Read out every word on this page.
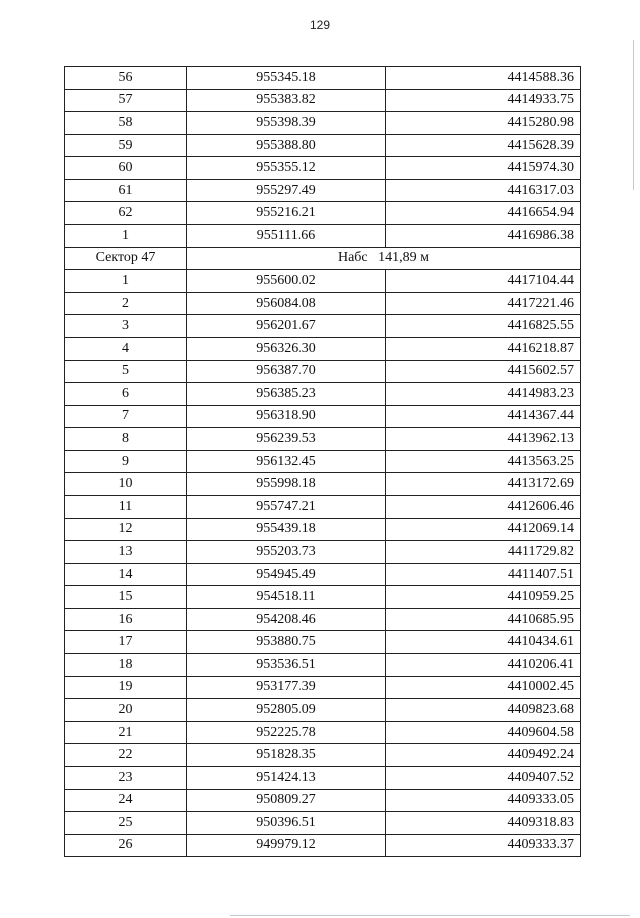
129
56	955345.18	4414588.36
57	955383.82	4414933.75
58	955398.39	4415280.98
59	955388.80	4415628.39
60	955355.12	4415974.30
61	955297.49	4416317.03
62	955216.21	4416654.94
1	955111.66	4416986.38
Сектор 47	Набс   141,89 м	
1	955600.02	4417104.44
2	956084.08	4417221.46
3	956201.67	4416825.55
4	956326.30	4416218.87
5	956387.70	4415602.57
6	956385.23	4414983.23
7	956318.90	4414367.44
8	956239.53	4413962.13
9	956132.45	4413563.25
10	955998.18	4413172.69
11	955747.21	4412606.46
12	955439.18	4412069.14
13	955203.73	4411729.82
14	954945.49	4411407.51
15	954518.11	4410959.25
16	954208.46	4410685.95
17	953880.75	4410434.61
18	953536.51	4410206.41
19	953177.39	4410002.45
20	952805.09	4409823.68
21	952225.78	4409604.58
22	951828.35	4409492.24
23	951424.13	4409407.52
24	950809.27	4409333.05
25	950396.51	4409318.83
26	949979.12	4409333.37
